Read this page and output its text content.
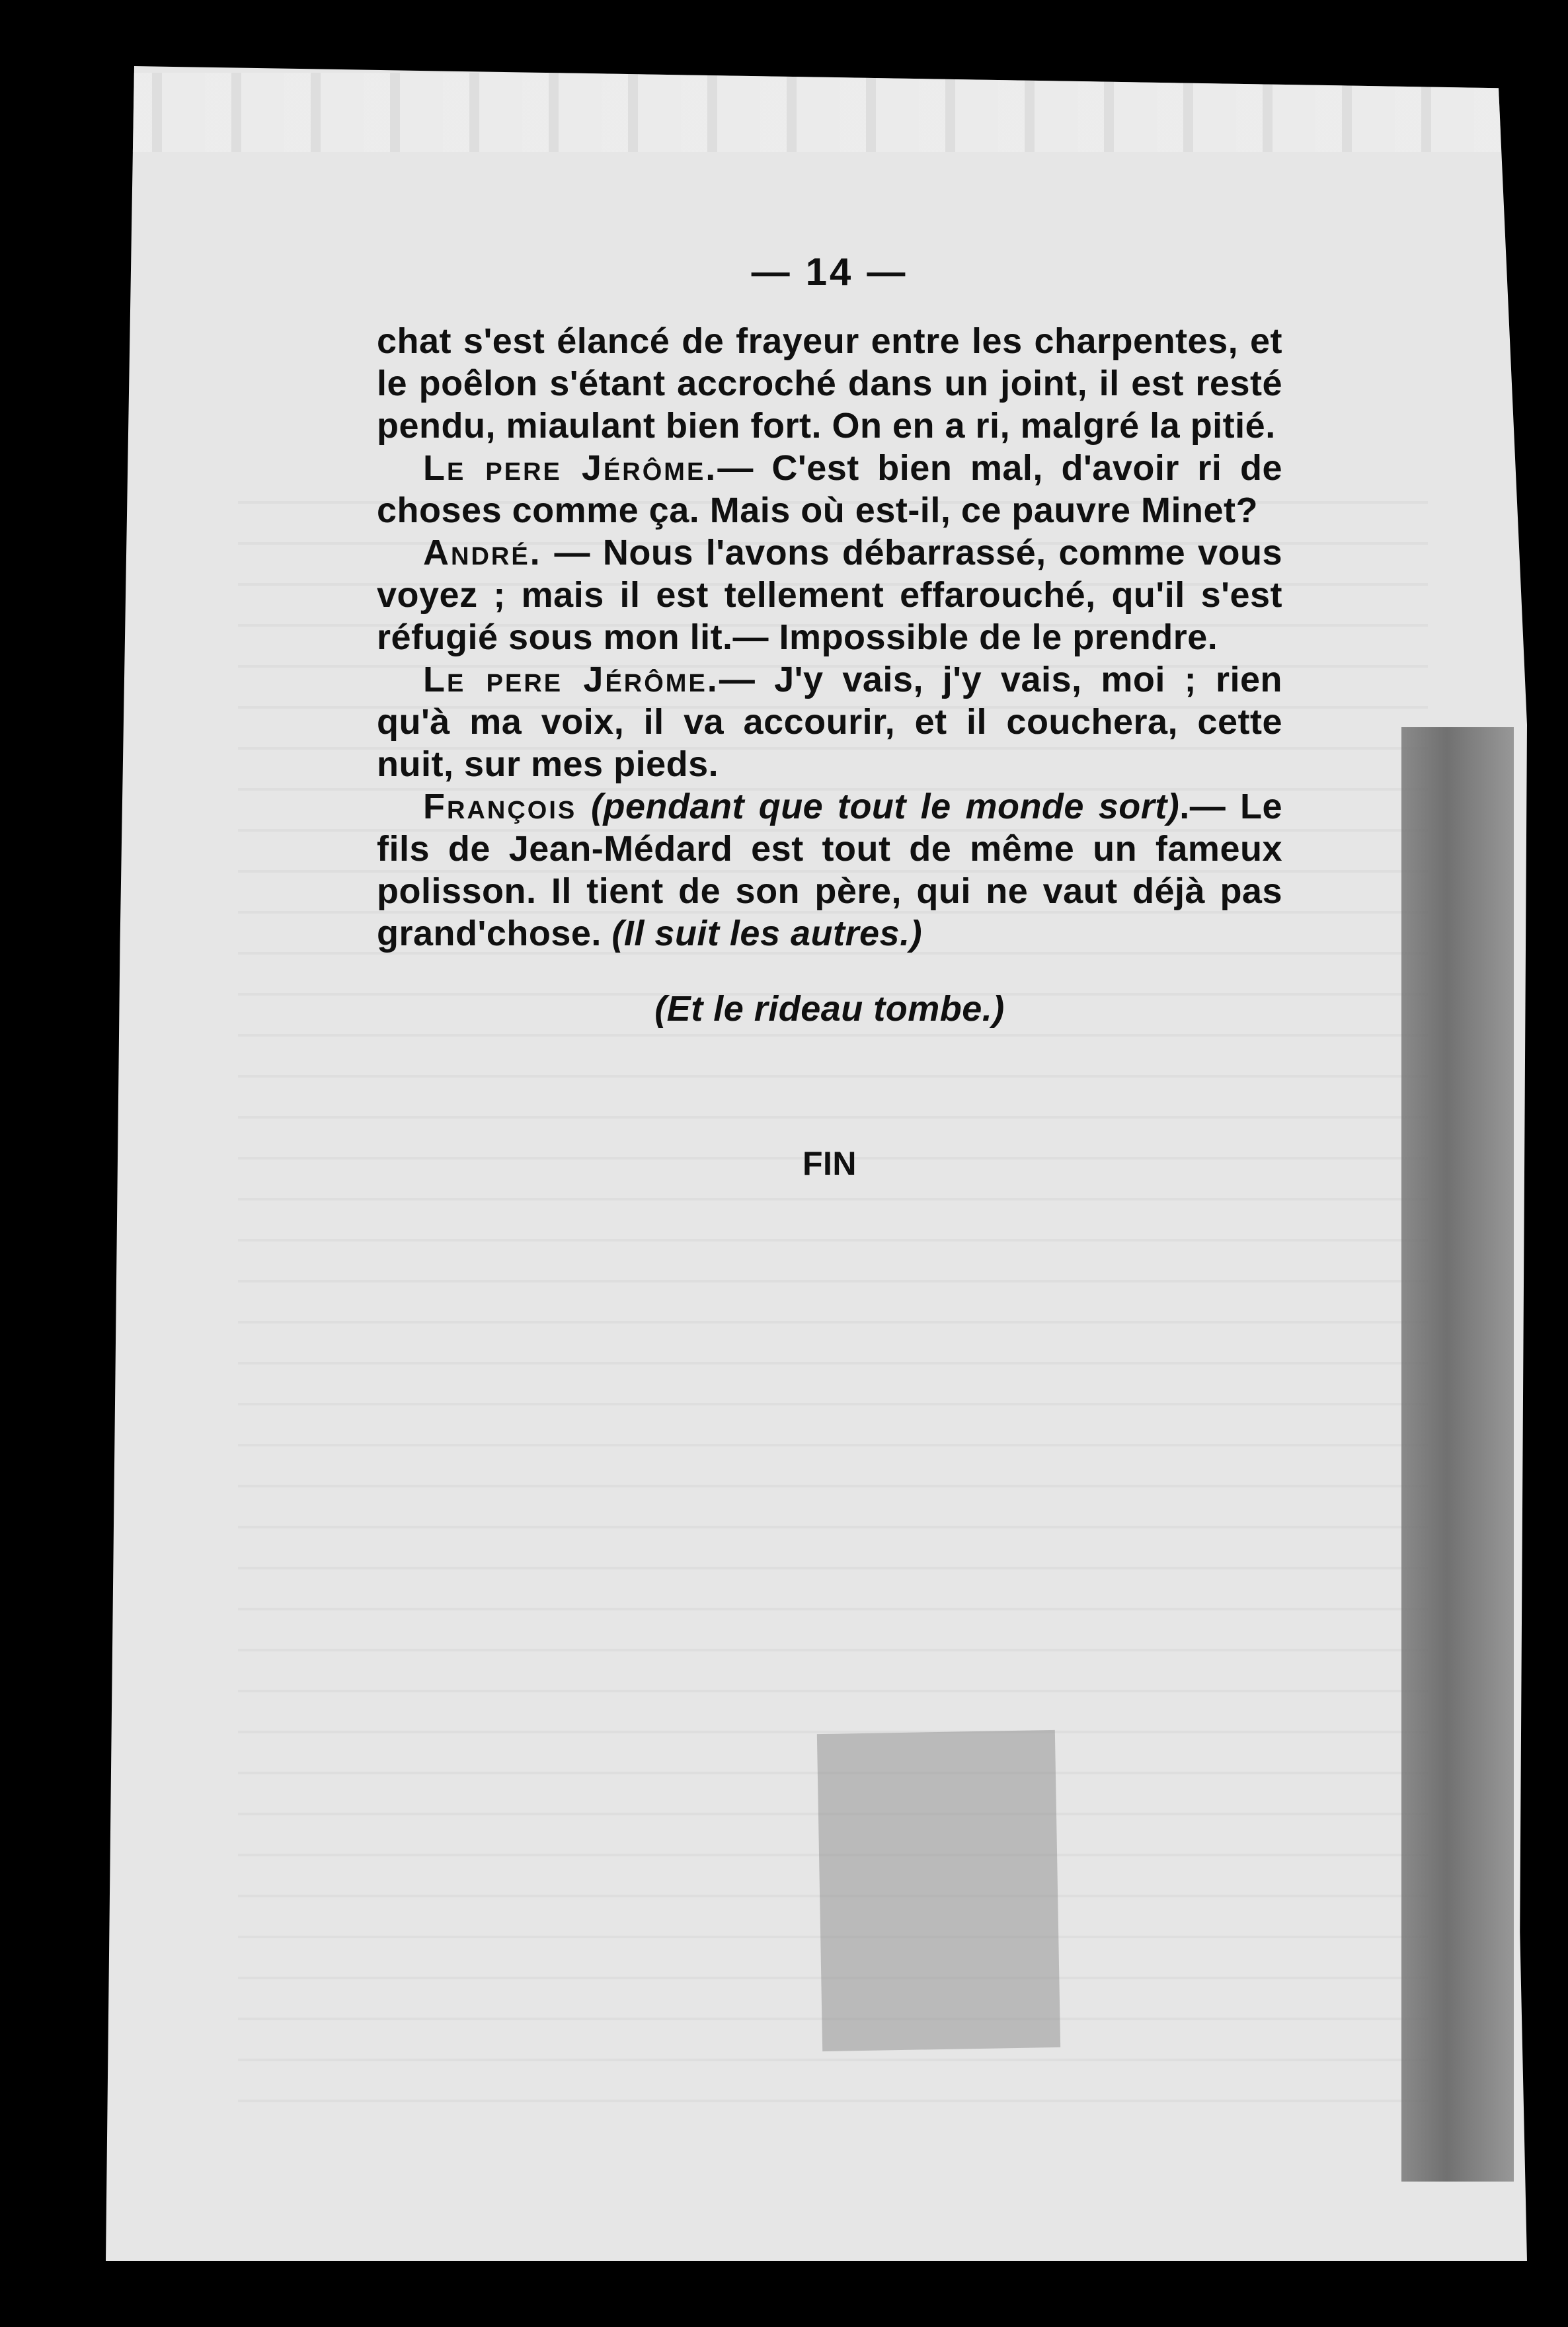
— 14 —

chat s'est élancé de frayeur entre les charpentes, et le poêlon s'étant accroché dans un joint, il est resté pendu, miaulant bien fort. On en a ri, malgré la pitié.

Le pere Jérôme.— C'est bien mal, d'avoir ri de choses comme ça. Mais où est-il, ce pauvre Minet?

André. — Nous l'avons débarrassé, comme vous voyez ; mais il est tellement effarouché, qu'il s'est réfugié sous mon lit.— Impossible de le prendre.

Le pere Jérôme.— J'y vais, j'y vais, moi ; rien qu'à ma voix, il va accourir, et il couchera, cette nuit, sur mes pieds.

François (pendant que tout le monde sort).— Le fils de Jean-Médard est tout de même un fameux polisson. Il tient de son père, qui ne vaut déjà pas grand'chose. (Il suit les autres.)

(Et le rideau tombe.)
FIN
